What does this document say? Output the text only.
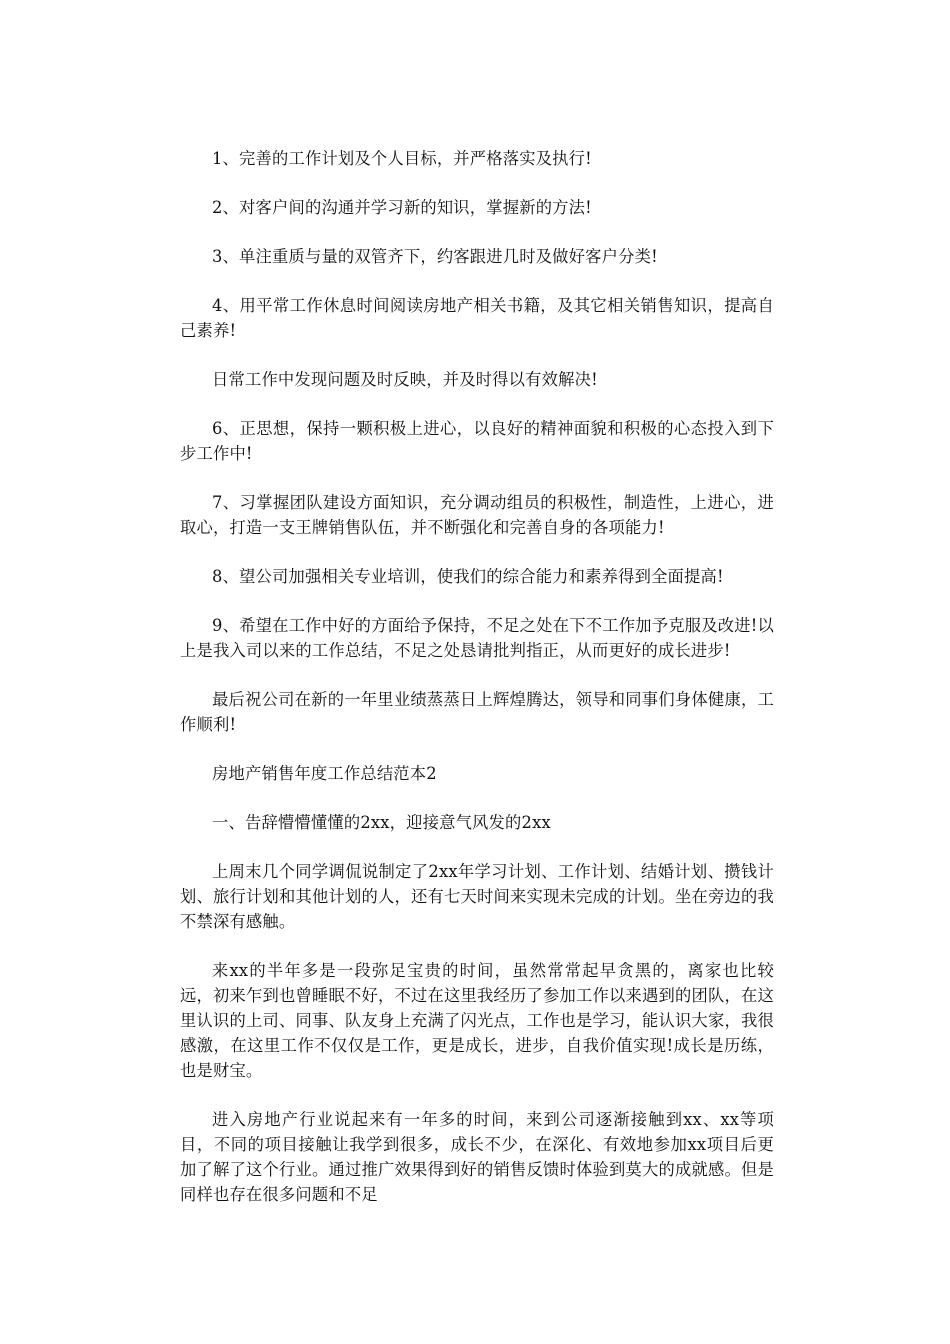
1、完善的工作计划及个人目标，并严格落实及执行!

2、对客户间的沟通并学习新的知识，掌握新的方法!

3、单注重质与量的双管齐下，约客跟进几时及做好客户分类!

4、用平常工作休息时间阅读房地产相关书籍，及其它相关销售知识，提高自己素养!

日常工作中发现问题及时反映，并及时得以有效解决!

6、正思想，保持一颗积极上进心，以良好的精神面貌和积极的心态投入到下步工作中!

7、习掌握团队建设方面知识，充分调动组员的积极性，制造性，上进心，进取心，打造一支王牌销售队伍，并不断强化和完善自身的各项能力!

8、望公司加强相关专业培训，使我们的综合能力和素养得到全面提高!

9、希望在工作中好的方面给予保持，不足之处在下不工作加予克服及改进!以上是我入司以来的工作总结，不足之处恳请批判指正，从而更好的成长进步!

最后祝公司在新的一年里业绩蒸蒸日上辉煌腾达，领导和同事们身体健康，工作顺利!

房地产销售年度工作总结范本2

一、告辞懵懵懂懂的2xx，迎接意气风发的2xx

上周末几个同学调侃说制定了2xx年学习计划、工作计划、结婚计划、攒钱计划、旅行计划和其他计划的人，还有七天时间来实现未完成的计划。坐在旁边的我不禁深有感触。

来xx的半年多是一段弥足宝贵的时间，虽然常常起早贪黑的，离家也比较远，初来乍到也曾睡眠不好，不过在这里我经历了参加工作以来遇到的团队，在这里认识的上司、同事、队友身上充满了闪光点，工作也是学习，能认识大家，我很感激，在这里工作不仅仅是工作，更是成长，进步，自我价值实现!成长是历练，也是财宝。

进入房地产行业说起来有一年多的时间，来到公司逐渐接触到xx、xx等项目，不同的项目接触让我学到很多，成长不少，在深化、有效地参加xx项目后更加了解了这个行业。通过推广效果得到好的销售反馈时体验到莫大的成就感。但是同样也存在很多问题和不足
